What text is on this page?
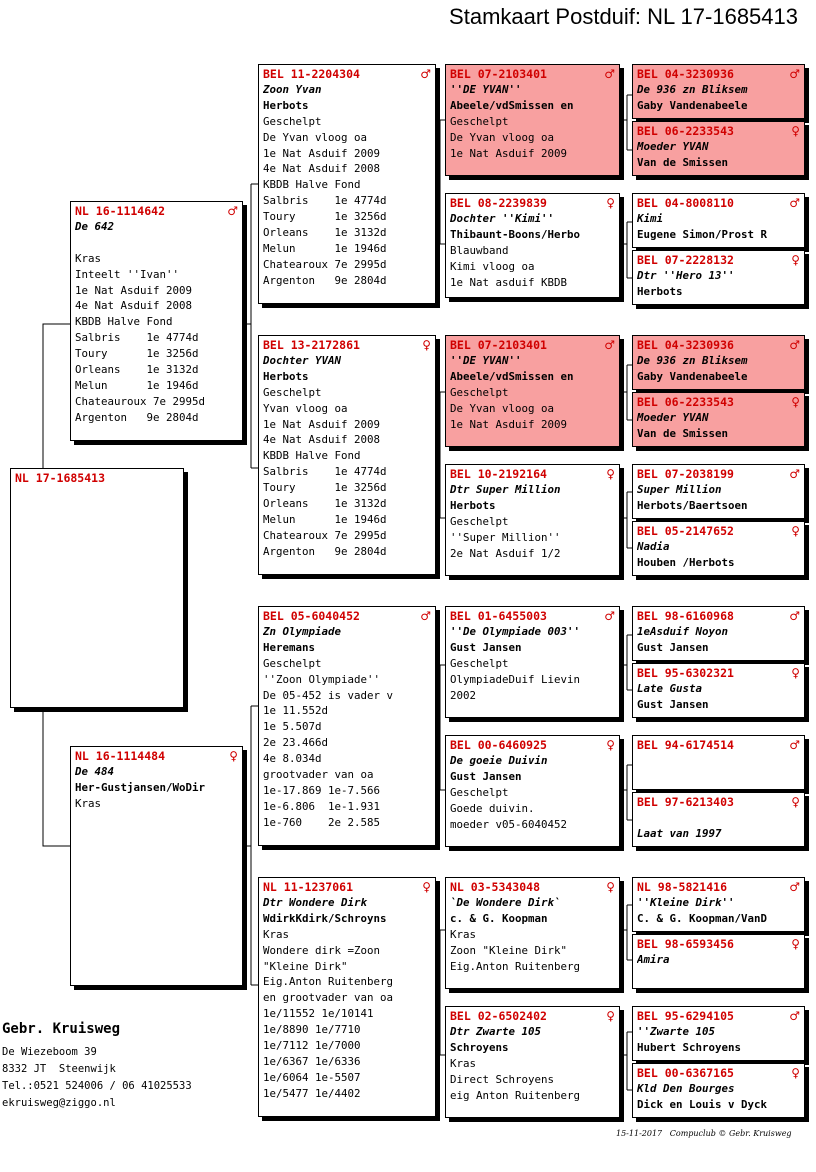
Stamkaart Postduif: NL 17-1685413
NL 17-1685413
NL 16-1114642	♂
De 642
Kras
Inteelt ''Ivan''
1e Nat Asduif 2009
4e Nat Asduif 2008
KBDB Halve Fond
Salbris    1e 4774d
Toury      1e 3256d
Orleans    1e 3132d
Melun      1e 1946d
Chateauroux 7e 2995d
Argenton   9e 2804d
NL 16-1114484	♀
De 484
Her-Gustjansen/WoDir
Kras
BEL 11-2204304	♂
Zoon Yvan
Herbots
Geschelpt
De Yvan vloog oa
1e Nat Asduif 2009
4e Nat Asduif 2008
KBDB Halve Fond
Salbris    1e 4774d
Toury      1e 3256d
Orleans    1e 3132d
Melun      1e 1946d
Chatearoux 7e 2995d
Argenton   9e 2804d
BEL 13-2172861	♀
Dochter YVAN
Herbots
Geschelpt
Yvan vloog oa
1e Nat Asduif 2009
4e Nat Asduif 2008
KBDB Halve Fond
Salbris    1e 4774d
Toury      1e 3256d
Orleans    1e 3132d
Melun      1e 1946d
Chatearoux 7e 2995d
Argenton   9e 2804d
BEL 05-6040452	♂
Zn Olympiade
Heremans
Geschelpt
''Zoon Olympiade''
De 05-452 is vader v
1e 11.552d
1e 5.507d
2e 23.466d
4e 8.034d
grootvader van oa
1e-17.869 1e-7.566
1e-6.806  1e-1.931
1e-760    2e 2.585
NL 11-1237061	♀
Dtr Wondere Dirk
WdirkKdirk/Schroyns
Kras
Wondere dirk =Zoon
"Kleine Dirk"
Eig.Anton Ruitenberg
en grootvader van oa
1e/11552 1e/10141
1e/8890 1e/7710
1e/7112 1e/7000
1e/6367 1e/6336
1e/6064 1e-5507
1e/5477 1e/4402
BEL 07-2103401	♂
''DE YVAN''
Abeele/vdSmissen en
Geschelpt
De Yvan vloog oa
1e Nat Asduif 2009
BEL 08-2239839	♀
Dochter ''Kimi''
Thibaunt-Boons/Herbo
Blauwband
Kimi vloog oa
1e Nat asduif KBDB
BEL 07-2103401	♂
''DE YVAN''
Abeele/vdSmissen en
Geschelpt
De Yvan vloog oa
1e Nat Asduif 2009
BEL 10-2192164	♀
Dtr Super Million
Herbots
Geschelpt
''Super Million''
2e Nat Asduif 1/2
BEL 01-6455003	♂
''De Olympiade 003''
Gust Jansen
Geschelpt
OlympiadeDuif Lievin
2002
BEL 00-6460925	♀
De goeie Duivin
Gust Jansen
Geschelpt
Goede duivin.
moeder v05-6040452
NL 03-5343048	♀
`De Wondere Dirk`
c. & G. Koopman
Kras
Zoon "Kleine Dirk"
Eig.Anton Ruitenberg
BEL 02-6502402	♀
Dtr Zwarte 105
Schroyens
Kras
Direct Schroyens
eig Anton Ruitenberg
BEL 04-3230936	♂
De 936 zn Bliksem
Gaby Vandenabeele
BEL 06-2233543	♀
Moeder YVAN
Van de Smissen
BEL 04-8008110	♂
Kimi
Eugene Simon/Prost R
BEL 07-2228132	♀
Dtr ''Hero 13''
Herbots
BEL 04-3230936	♂
De 936 zn Bliksem
Gaby Vandenabeele
BEL 06-2233543	♀
Moeder YVAN
Van de Smissen
BEL 07-2038199	♂
Super Million
Herbots/Baertsoen
BEL 05-2147652	♀
Nadia
Houben /Herbots
BEL 98-6160968	♂
1eAsduif Noyon
Gust Jansen
BEL 95-6302321	♀
Late Gusta
Gust Jansen
BEL 94-6174514	♂
BEL 97-6213403	♀
Laat van 1997
NL 98-5821416	♂
''Kleine Dirk''
C. & G. Koopman/VanD
BEL 98-6593456	♀
Amira
BEL 95-6294105	♂
''Zwarte 105
Hubert Schroyens
BEL 00-6367165	♀
Kld Den Bourges
Dick en Louis v Dyck
Gebr. Kruisweg
De Wiezeboom 39
8332 JT  Steenwijk
Tel.:0521 524006 / 06 41025533
ekruisweg@ziggo.nl
15-11-2017   Compuclub © Gebr. Kruisweg
